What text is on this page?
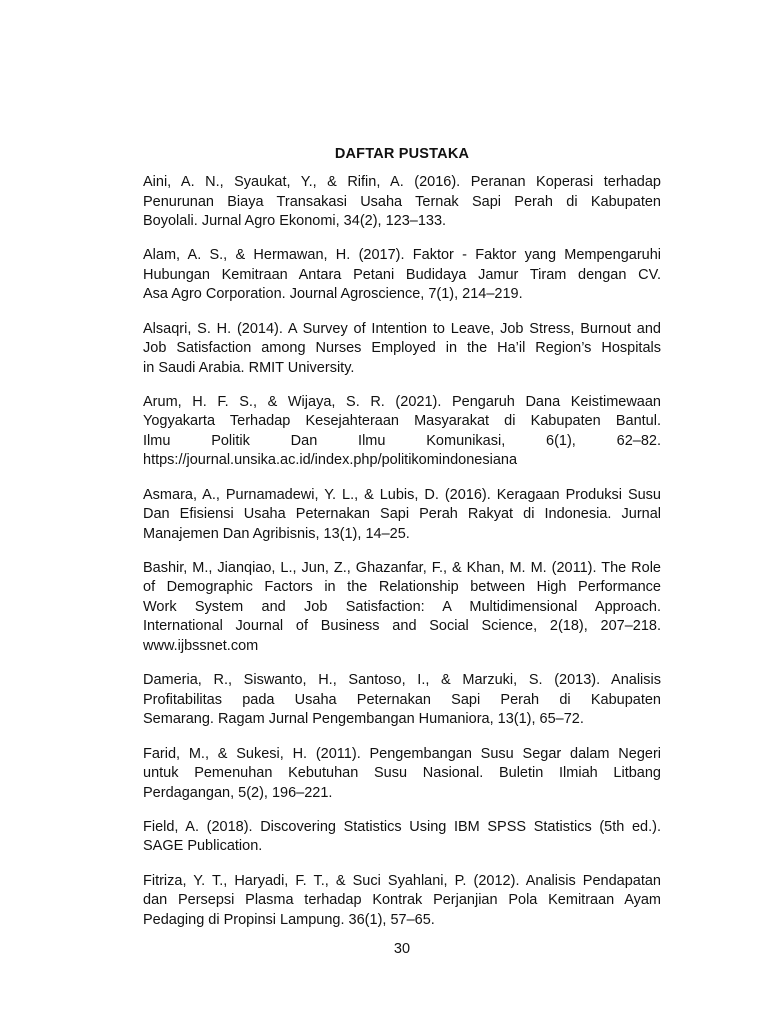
DAFTAR PUSTAKA
Aini, A. N., Syaukat, Y., & Rifin, A. (2016). Peranan Koperasi terhadap
Penurunan Biaya Transakasi Usaha Ternak Sapi Perah di Kabupaten
Boyolali. Jurnal Agro Ekonomi, 34(2), 123–133.
Alam, A. S., & Hermawan, H. (2017). Faktor - Faktor yang Mempengaruhi
Hubungan Kemitraan Antara Petani Budidaya Jamur Tiram dengan CV.
Asa Agro Corporation. Journal Agroscience, 7(1), 214–219.
Alsaqri, S. H. (2014). A Survey of Intention to Leave, Job Stress, Burnout and
Job Satisfaction among Nurses Employed in the Ha’il Region’s Hospitals
in Saudi Arabia. RMIT University.
Arum, H. F. S., & Wijaya, S. R. (2021). Pengaruh Dana Keistimewaan
Yogyakarta Terhadap Kesejahteraan Masyarakat di Kabupaten Bantul.
Ilmu Politik Dan Ilmu Komunikasi, 6(1), 62–82.
https://journal.unsika.ac.id/index.php/politikomindonesiana
Asmara, A., Purnamadewi, Y. L., & Lubis, D. (2016). Keragaan Produksi Susu
Dan Efisiensi Usaha Peternakan Sapi Perah Rakyat di Indonesia. Jurnal
Manajemen Dan Agribisnis, 13(1), 14–25.
Bashir, M., Jianqiao, L., Jun, Z., Ghazanfar, F., & Khan, M. M. (2011). The Role
of Demographic Factors in the Relationship between High Performance
Work System and Job Satisfaction: A Multidimensional Approach.
International Journal of Business and Social Science, 2(18), 207–218.
www.ijbssnet.com
Dameria, R., Siswanto, H., Santoso, I., & Marzuki, S. (2013). Analisis
Profitabilitas pada Usaha Peternakan Sapi Perah di Kabupaten
Semarang. Ragam Jurnal Pengembangan Humaniora, 13(1), 65–72.
Farid, M., & Sukesi, H. (2011). Pengembangan Susu Segar dalam Negeri
untuk Pemenuhan Kebutuhan Susu Nasional. Buletin Ilmiah Litbang
Perdagangan, 5(2), 196–221.
Field, A. (2018). Discovering Statistics Using IBM SPSS Statistics (5th ed.).
SAGE Publication.
Fitriza, Y. T., Haryadi, F. T., & Suci Syahlani, P. (2012). Analisis Pendapatan
dan Persepsi Plasma terhadap Kontrak Perjanjian Pola Kemitraan Ayam
Pedaging di Propinsi Lampung. 36(1), 57–65.
30
